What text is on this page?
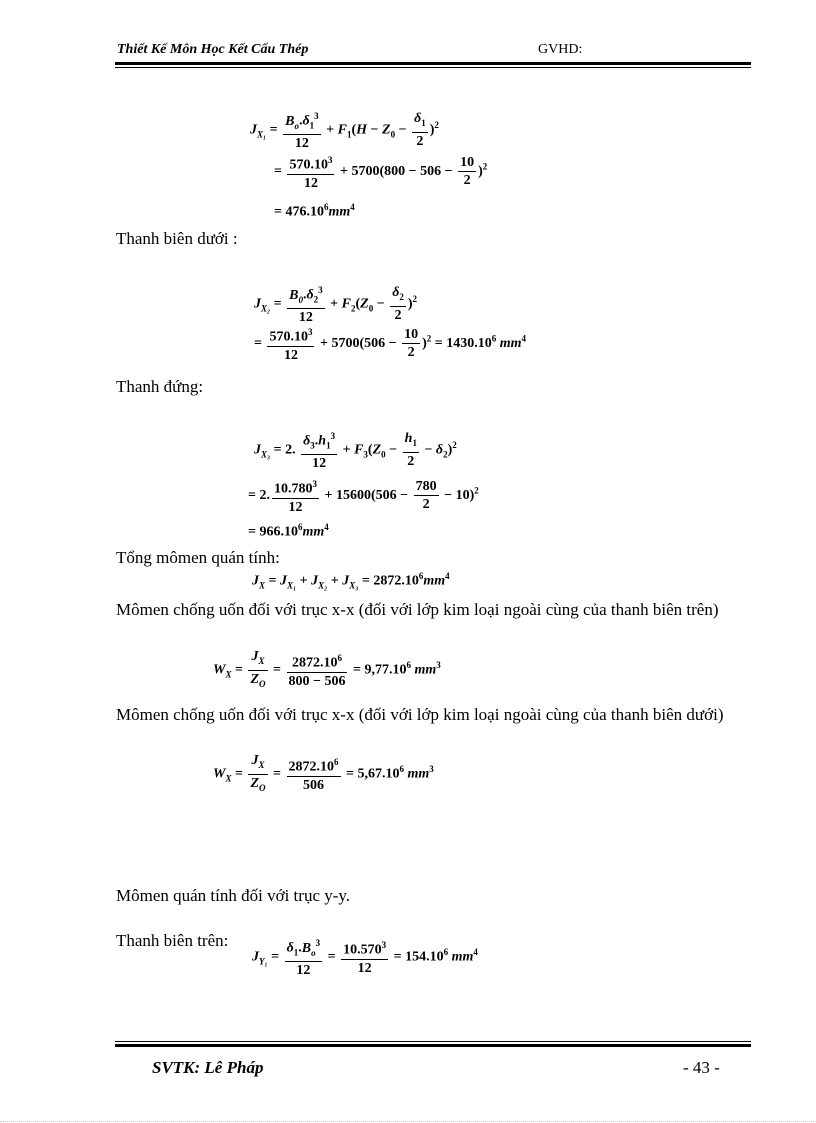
Thiết Kế Môn Học Kết Cấu Thép	GVHD:
$J_{X_1} = \frac{B_o.\delta_1^3}{12} + F_1(H - Z_0 - \frac{\delta_1}{2} )^2$
= $\frac{570.10^3}{12} + 5700(800 - 506 - \frac{10}{2} )^2$
= $476.10^6mm^4$
Thanh biên dưới :
$J_{X_2} = \frac{B_0.\delta_2^3}{12} + F_2(Z_0 - \frac{\delta_2}{2} )^2$
= $\frac{570.10^3}{12} + 5700(506 - \frac{10}{2} )^2 = 1430.10^6$ $mm^4$
Thanh đứng:
$J_{X_3} = 2$. $\frac{\delta_3.h_1^3}{12} + F_3(Z_0 - \frac{h_1}{2} - \delta_2)^2$
= 2. $\frac{10.780^3}{12} + 15600(506 - \frac{780}{2} - 10)^2$
= $966.10^6mm^4$
Tổng mômen quán tính:
$J_X = J_{X_1} + J_{X_2} + J_{X_3} = 2872.10^6mm^4$
Mômen chống uốn đối với trục x-x (đối với lớp kim loại ngoài cùng của thanh biên trên)
$W_X = \frac{J_X}{Z_O} = \frac{2872.10^6}{800 - 506} = 9,77.10^6$ $mm^3$
Mômen chống uốn đối với trục x-x (đối với lớp kim loại ngoài cùng của thanh biên dưới)
$W_X = \frac{J_X}{Z_O} = \frac{2872.10^6}{506} = 5,67.10^6$ $mm^3$
Mômen quán tính đối với trục y-y.
Thanh biên trên:
$J_{Y_1} = \frac{\delta_1.B_o^3}{12} = \frac{10.570^3}{12} = 154.10^6$ $mm^4$
SVTK: Lê Pháp	- 43 -
